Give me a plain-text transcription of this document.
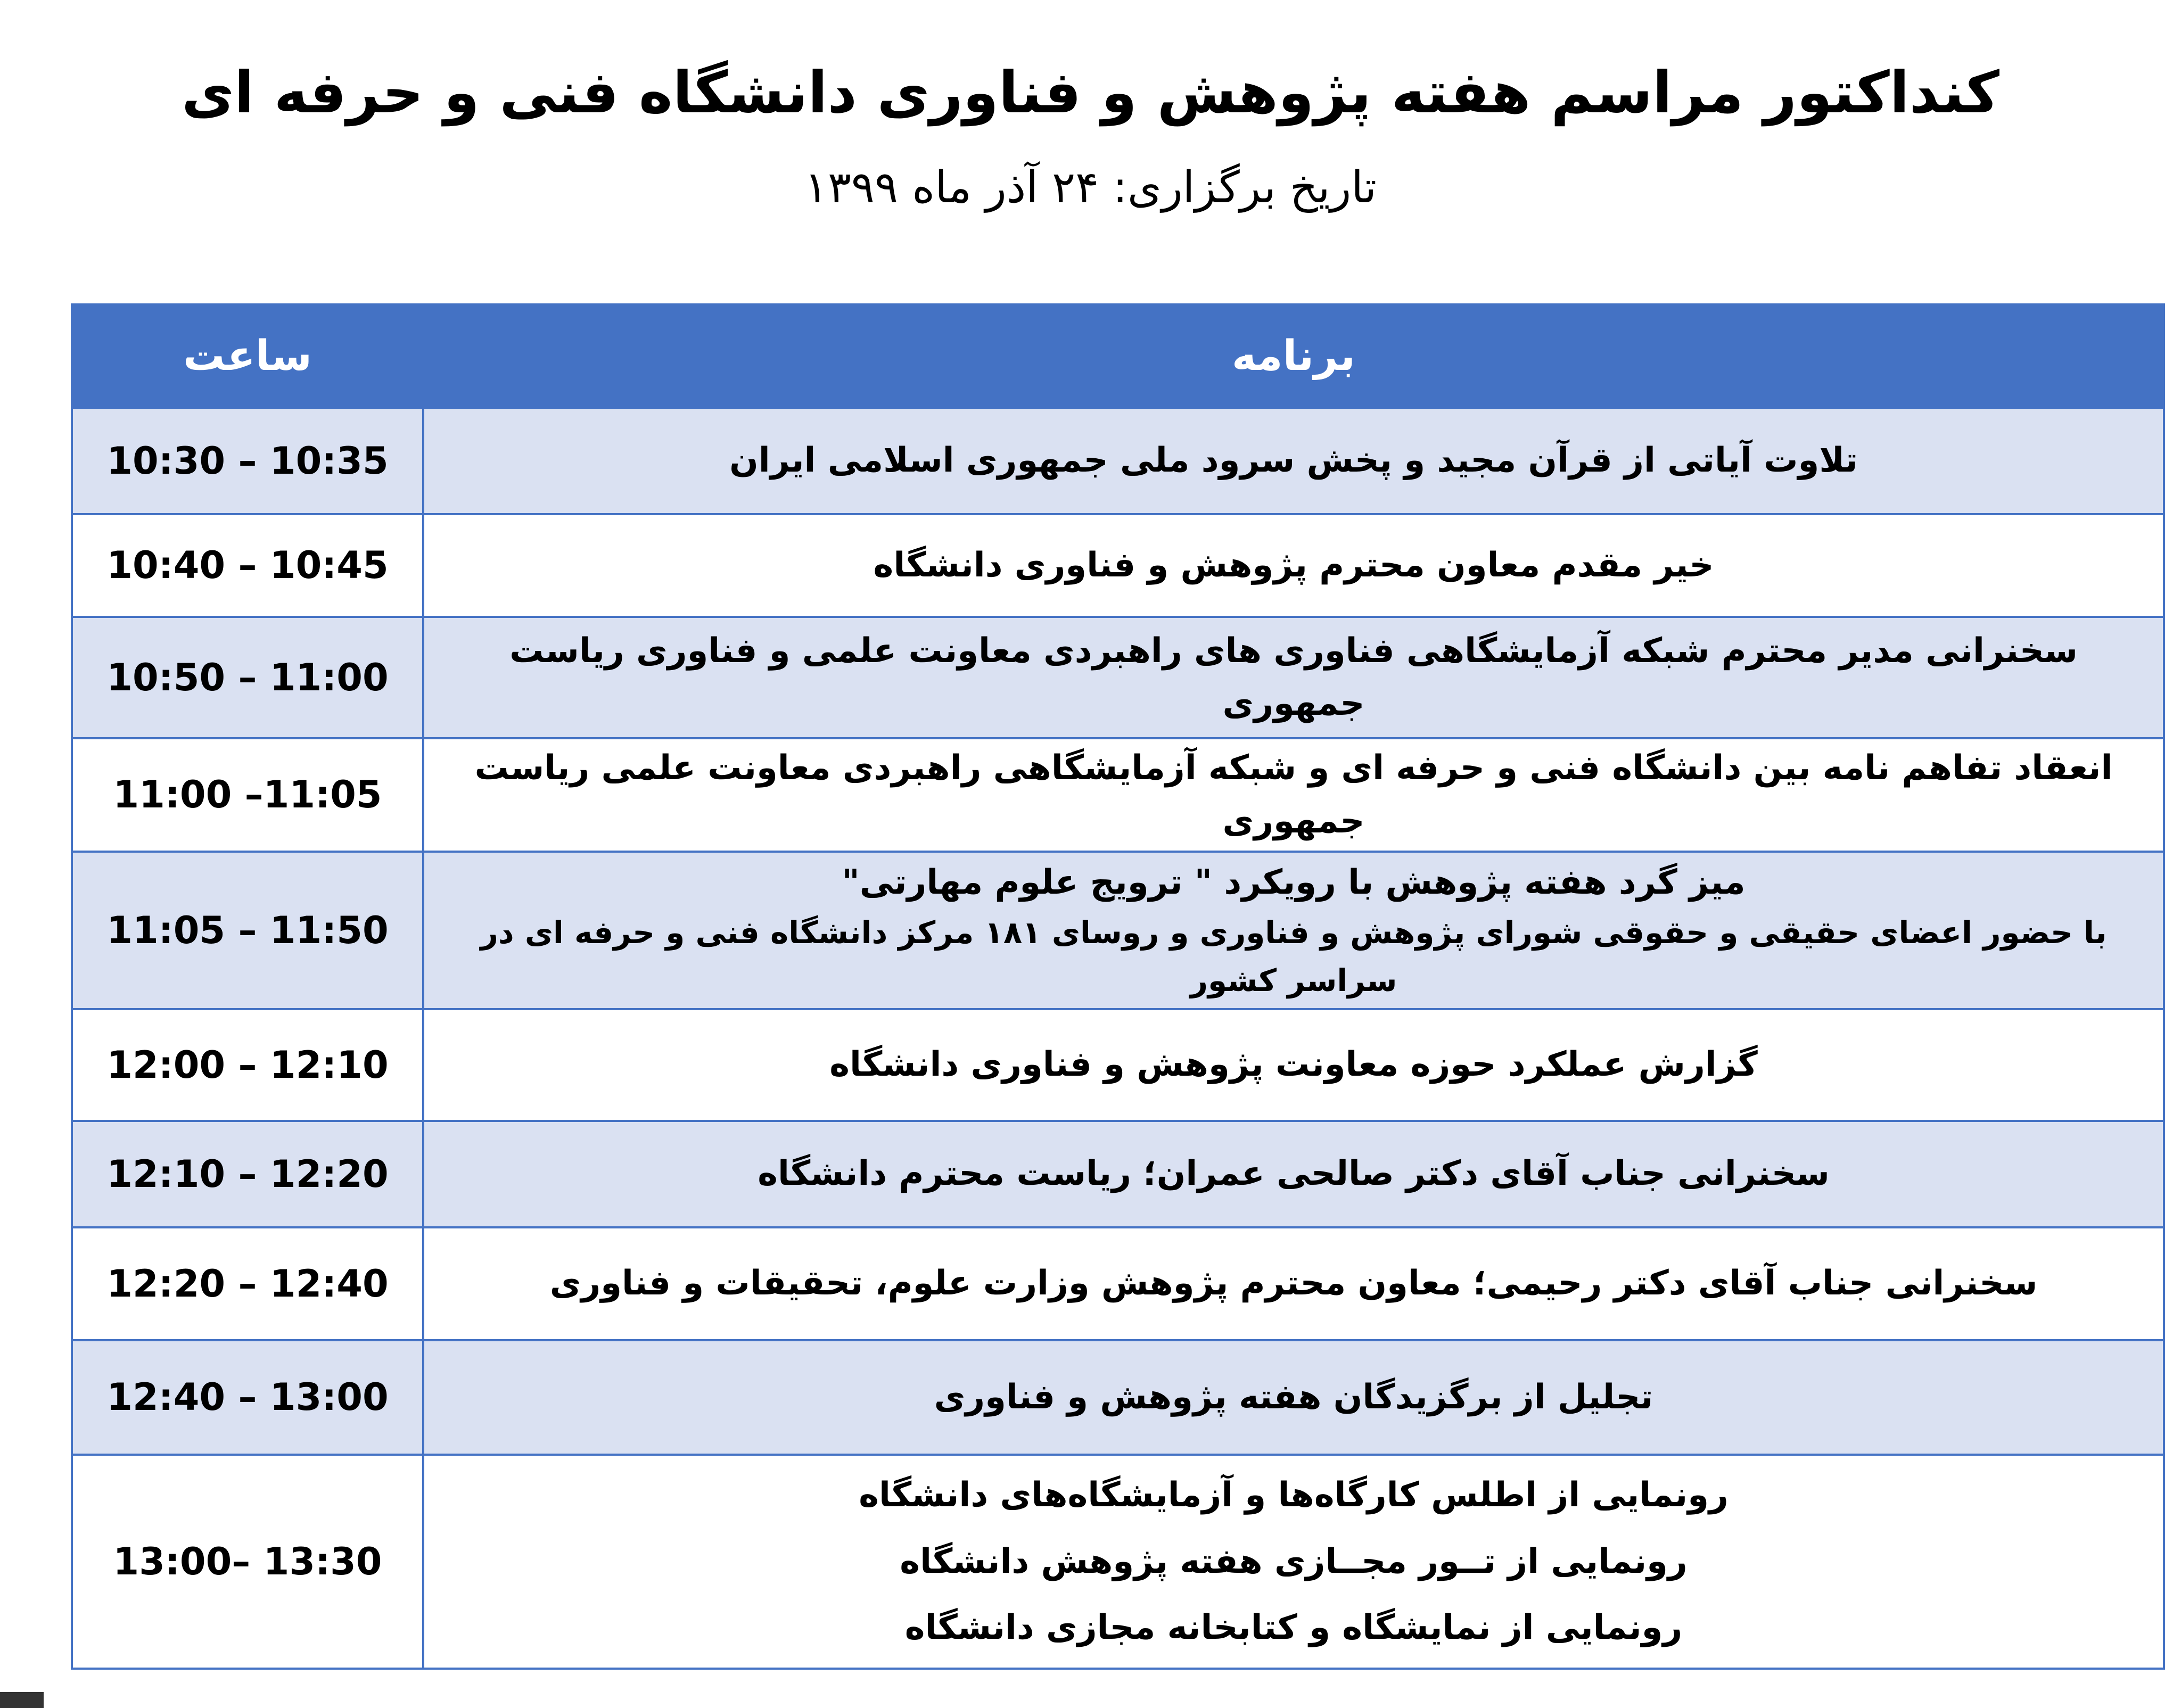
کنداکتور مراسم هفته پژوهش و فناوری دانشگاه فنی و حرفه ای
تاریخ برگزاری: ۲۴ آذر ماه ۱۳۹۹
برنامه	ساعت

تلاوت آیاتی از قرآن مجید و پخش سرود ملی جمهوری اسلامی ایران	10:30 – 10:35

خیر مقدم معاون محترم پژوهش و فناوری دانشگاه	10:40 – 10:45

سخنرانی مدیر محترم شبکه آزمایشگاهی فناوری های راهبردی معاونت علمی و فناوری ریاست جمهوری	10:50 – 11:00

انعقاد تفاهم نامه بین دانشگاه فنی و حرفه ای و شبکه آزمایشگاهی راهبردی معاونت علمی ریاست جمهوری	11:00 –11:05

میز گرد هفته پژوهش با رویکرد " ترویج علوم مهارتی"
با حضور اعضای حقیقی و حقوقی شورای پژوهش و فناوری و روسای ۱۸۱ مرکز دانشگاه فنی و حرفه ای در سراسر کشور	11:05 – 11:50

گزارش عملکرد حوزه معاونت پژوهش و فناوری دانشگاه	12:00 – 12:10

سخنرانی جناب آقای دکتر صالحی عمران؛ ریاست محترم دانشگاه	12:10 – 12:20

سخنرانی جناب آقای دکتر رحیمی؛ معاون محترم پژوهش وزارت علوم، تحقیقات و فناوری	12:20 – 12:40

تجلیل از برگزیدگان هفته پژوهش و فناوری	12:40 – 13:00

رونمایی از اطلس کارگاه‌ها و آزمایشگاه‌های دانشگاه
رونمایی از تــور مجــازی هفته پژوهش دانشگاه
رونمایی از نمایشگاه و کتابخانه مجازی دانشگاه	13:00– 13:30
